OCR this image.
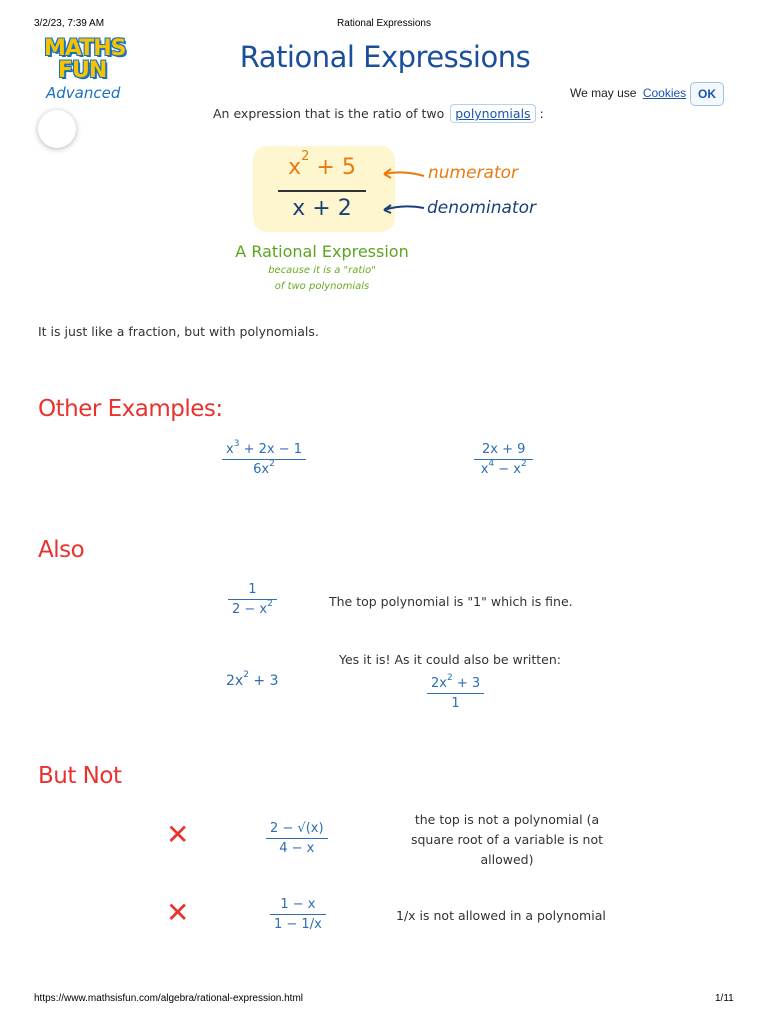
3/2/23, 7:39 AM	Rational Expressions
MATHS
FUN
Advanced
Rational Expressions
We may use Cookies OK
An expression that is the ratio of two polynomials :
$x^2 + 5$
x + 2
numerator
denominator
A Rational Expression
because it is a "ratio"
of two polynomials
It is just like a fraction, but with polynomials.
Other Examples:
$\frac{x^3 + 2x - 1}{6x^2}$	$\frac{2x + 9}{x^4 - x^2}$
Also
$\frac{1}{2 - x^2}$	The top polynomial is "1" which is fine.
$2x^2 + 3$
Yes it is! As it could also be written:
$\frac{2x^2 + 3}{1}$
But Not
✕	$\frac{2 - √(x)}{4 - x}$
the top is not a polynomial (a square root of a variable is not allowed)
✕	$\frac{1 - x}{1 - 1/x}$	1/x is not allowed in a polynomial
https://www.mathsisfun.com/algebra/rational-expression.html	1/11
